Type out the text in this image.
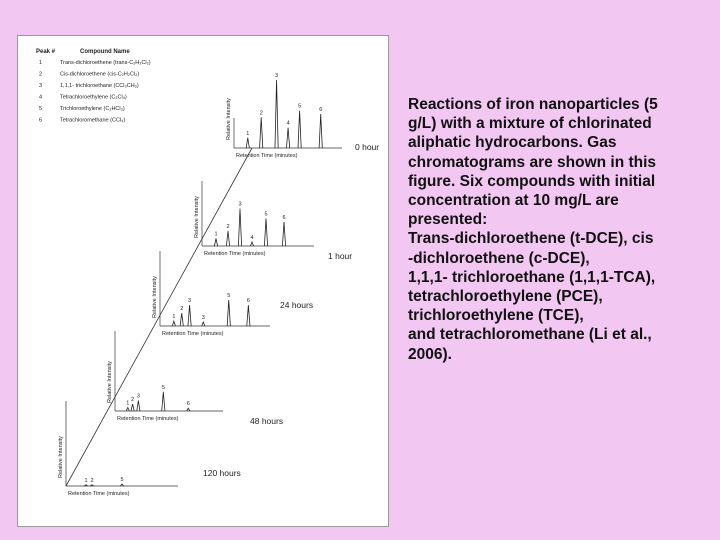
Peak #	Compound Name
1	Trans-dichloroethene (trans-C₂H₂Cl₂)
2	Cis-dichloroethene (cis-C₂H₂Cl₂)
3	1,1,1- trichloroethane (CCl₃CH₃)
4	Tetrachloroethylene (C₂Cl₄)
5	Trichloroethylene (C₂HCl₃)
6	Tetrachloromethane (CCl₄)	Relative Intensity
Retention Time (minutes)
0 hour
1
2
3
4
5
6
Relative Intensity
Retention Time (minutes)	1 hour
1
2
3
4
5
6
Relative Intensity
Retention Time (minutes)
24 hours
1
2
3
3
5
6
Relative Intensity
Retention Time (minutes)	48 hours
1
2
3
5
6
Relative Intensity
Retention Time (minutes)
120 hours
1 2	5

Reactions of iron nanoparticles (5
g/L) with a mixture of chlorinated
aliphatic hydrocarbons. Gas
chromatograms are shown in this
figure. Six compounds with initial
concentration at 10 mg/L are
presented:
Trans-dichloroethene (t-DCE), cis
-dichloroethene (c-DCE),
1,1,1- trichloroethane (1,1,1-TCA),
tetrachloroethylene (PCE),
trichloroethylene (TCE),
and tetrachloromethane (Li et al.,
2006).
